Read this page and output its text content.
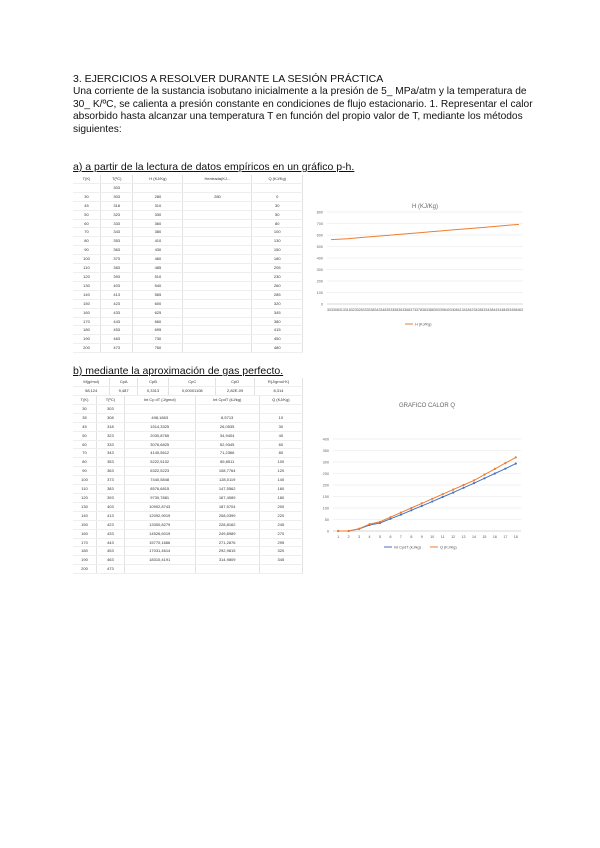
3. EJERCICIOS A RESOLVER DURANTE LA SESIÓN PRÁCTICA

Una corriente de la sustancia isobutano inicialmente a la presión de 5_ MPa/atm y la temperatura de 30_ K/ºC, se calienta a presión constante en condiciones de flujo estacionario. 1. Representar el calor absorbido hasta alcanzar una temperatura T en función del propio valor de T, mediante los métodos siguientes:

a) a partir de la lectura de datos empíricos en un gráfico p-h.
T(K)	T(ºC)	H (KJ/Kg)	Hentrada(KJ...	Q (KJ/Kg)
	303			
30	303	280	280	0
45	318	310		30
50	323	330		50
60	333	360		80
70	343	380		100
80	353	410		130
90	363	430		150
100	373	460		180
110	383	485		205
120	393	510		230
130	403	540		260
140	413	565		285
150	423	600		320
160	433	625		345
170	443	660		380
180	453	695		415
190	463	730		450
200	473	760		480
H (KJ/Kg)
0
100
200
300
400
500
600
700
800
303 308 313 318 323 328 333 338 343 348 353 358 363 368 373 378 383 388 393 398 403 408 413 418 423 428 433 438 443 448 453 458 463
H (KJ/Kg)
b) mediante la aproximación de gas perfecto.
M(g/mol)	CpA	CpB	CpC	CpD	R(J/gmol·K)
58,124	9,487	0,3313	0,00001108	2,82E-09	8,314
T(K)	T(ºC)	Int Cp dT (J/gmol)	Int CpdT (kJ/kg)	Q (KJ/Kg)
30	303			
35	308	498,1863	8,5713	10
45	318	1514,3325	26,0535	30
50	323	2030,8765	34,9404	40
60	333	3076,6825	52,9345	60
70	343	4140,5612	71,2366	80
80	353	5222,5102	89,8511	100
90	363	6322,5223	108,7764	120
100	373	7440,5848	128,0119	140
110	383	8576,6815	147,5562	160
120	393	9730,7881	167,4089	180
130	403	10902,8743	187,5704	200
140	413	12092,9019	208,0399	220
150	423	13300,8279	228,8162	245
160	433	14526,6019	249,8989	270
170	443	15770,1666	271,2876	295
180	453	17031,4614	292,9815	320
190	463	18310,4191	314,9809	345
200	473			
GRAFICO CALOR Q
0
50
100
150
200
250
300
350
400
1 2 3 4 5 6 7 8 9 10 11 12 13 14 15 16 17 18
Int CpdT (kJ/kg)	Q (KJ/Kg)
